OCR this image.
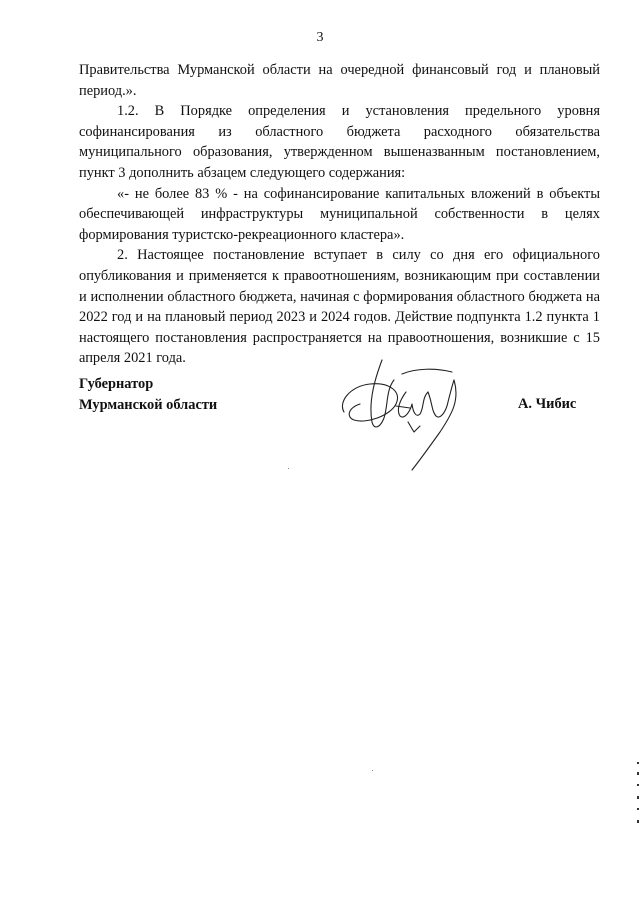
3

Правительства Мурманской области на очередной финансовый год и плановый период.».

1.2. В Порядке определения и установления предельного уровня софинансирования из областного бюджета расходного обязательства муниципального образования, утвержденном вышеназванным постановлением, пункт 3 дополнить абзацем следующего содержания:

«- не более 83 % - на софинансирование капитальных вложений в объекты обеспечивающей инфраструктуры муниципальной собственности в целях формирования туристско-рекреационного кластера».

2. Настоящее постановление вступает в силу со дня его официального опубликования и применяется к правоотношениям, возникающим при составлении и исполнении областного бюджета, начиная с формирования областного бюджета на 2022 год и на плановый период 2023 и 2024 годов. Действие подпункта 1.2 пункта 1 настоящего постановления распространяется на правоотношения, возникшие с 15 апреля 2021 года.

Губернатор
Мурманской области	А. Чибис
